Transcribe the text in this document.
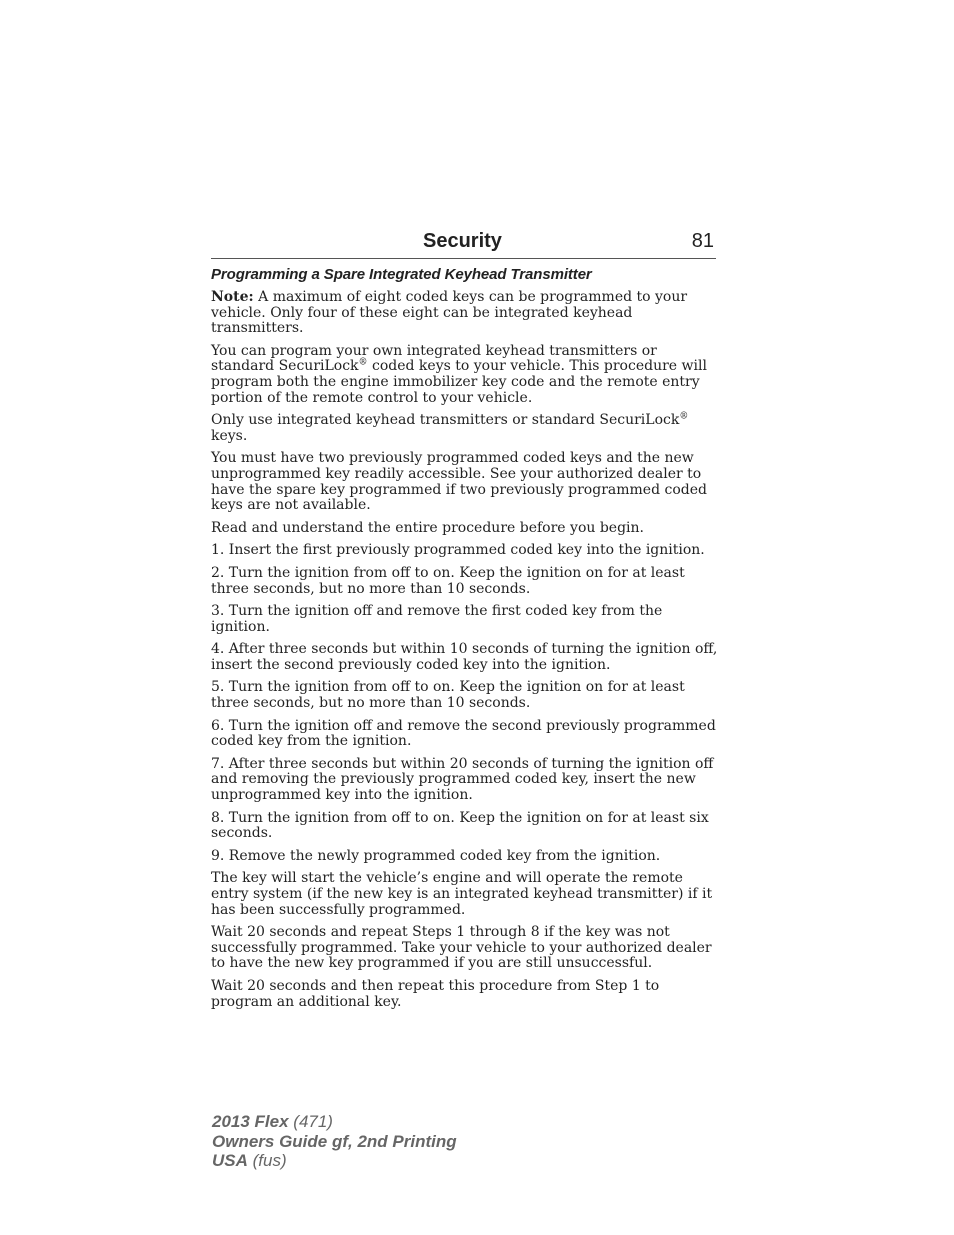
Security	81
Programming a Spare Integrated Keyhead Transmitter

Note: A maximum of eight coded keys can be programmed to your vehicle. Only four of these eight can be integrated keyhead transmitters.

You can program your own integrated keyhead transmitters or standard SecuriLock® coded keys to your vehicle. This procedure will program both the engine immobilizer key code and the remote entry portion of the remote control to your vehicle.

Only use integrated keyhead transmitters or standard SecuriLock® keys.

You must have two previously programmed coded keys and the new unprogrammed key readily accessible. See your authorized dealer to have the spare key programmed if two previously programmed coded keys are not available.

Read and understand the entire procedure before you begin.

1. Insert the first previously programmed coded key into the ignition.

2. Turn the ignition from off to on. Keep the ignition on for at least three seconds, but no more than 10 seconds.

3. Turn the ignition off and remove the first coded key from the ignition.

4. After three seconds but within 10 seconds of turning the ignition off, insert the second previously coded key into the ignition.

5. Turn the ignition from off to on. Keep the ignition on for at least three seconds, but no more than 10 seconds.

6. Turn the ignition off and remove the second previously programmed coded key from the ignition.

7. After three seconds but within 20 seconds of turning the ignition off and removing the previously programmed coded key, insert the new unprogrammed key into the ignition.

8. Turn the ignition from off to on. Keep the ignition on for at least six seconds.

9. Remove the newly programmed coded key from the ignition.

The key will start the vehicle’s engine and will operate the remote entry system (if the new key is an integrated keyhead transmitter) if it has been successfully programmed.

Wait 20 seconds and repeat Steps 1 through 8 if the key was not successfully programmed. Take your vehicle to your authorized dealer to have the new key programmed if you are still unsuccessful.

Wait 20 seconds and then repeat this procedure from Step 1 to program an additional key.

2013 Flex (471)
Owners Guide gf, 2nd Printing
USA (fus)
